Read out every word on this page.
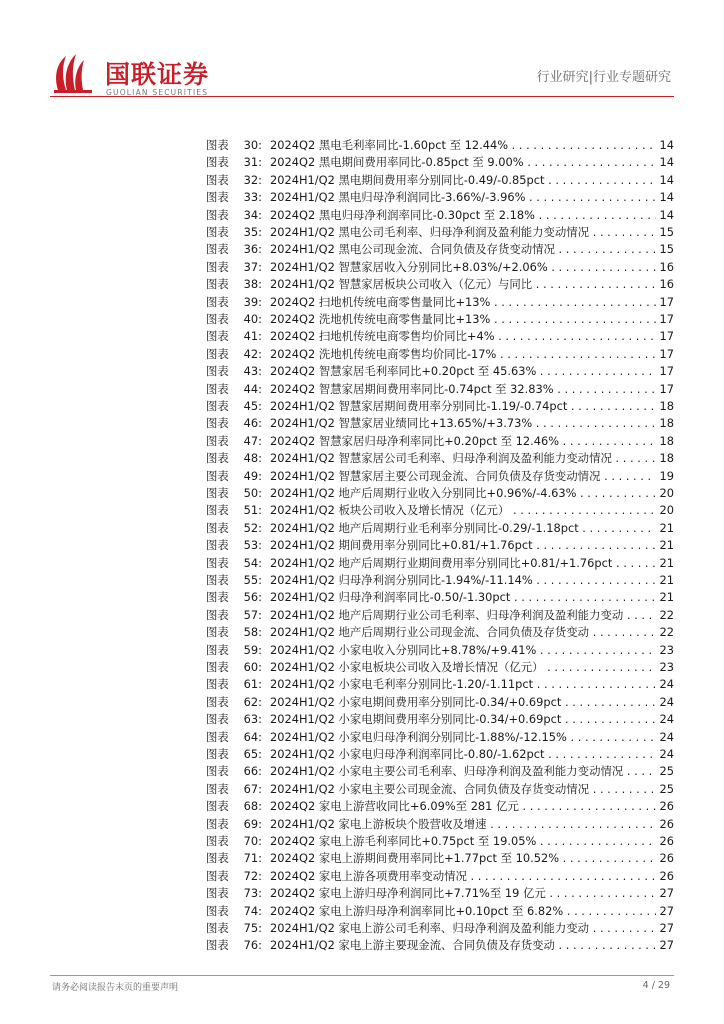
国联证券
GUOLIAN SECURITIES
行业研究|行业专题研究
图表	30: 2024Q2 黑电毛利率同比-1.60pct 至 12.44% . . .	14
图表	31: 2024Q2 黑电期间费用率同比-0.85pct 至 9.00% . . .	14
图表	32: 2024H1/Q2 黑电期间费用率分别同比-0.49/-0.85pct . . .	14
图表	33: 2024H1/Q2 黑电归母净利润同比-3.66%/-3.96% . . .	14
图表	34: 2024Q2 黑电归母净利润率同比-0.30pct 至 2.18% . . .	14
图表	35: 2024H1/Q2 黑电公司毛利率、归母净利润及盈利能力变动情况 . . .	15
图表	36: 2024H1/Q2 黑电公司现金流、合同负债及存货变动情况 . . .	15
图表	37: 2024H1/Q2 智慧家居收入分别同比+8.03%/+2.06% . . .	16
图表	38: 2024H1/Q2 智慧家居板块公司收入（亿元）与同比 . . .	16
图表	39: 2024Q2 扫地机传统电商零售量同比+13% . . .	17
图表	40: 2024Q2 洗地机传统电商零售量同比+13% . . .	17
图表	41: 2024Q2 扫地机传统电商零售均价同比+4% . . .	17
图表	42: 2024Q2 洗地机传统电商零售均价同比-17% . . .	17
图表	43: 2024Q2 智慧家居毛利率同比+0.20pct 至 45.63% . . .	17
图表	44: 2024Q2 智慧家居期间费用率同比-0.74pct 至 32.83% . . .	17
图表	45: 2024H1/Q2 智慧家居期间费用率分别同比-1.19/-0.74pct . . .	18
图表	46: 2024H1/Q2 智慧家居业绩同比+13.65%/+3.73% . . .	18
图表	47: 2024Q2 智慧家居归母净利率同比+0.20pct 至 12.46% . . .	18
图表	48: 2024H1/Q2 智慧家居公司毛利率、归母净利润及盈利能力变动情况 . . .	18
图表	49: 2024H1/Q2 智慧家居主要公司现金流、合同负债及存货变动情况 . . .	19
图表	50: 2024H1/Q2 地产后周期行业收入分别同比+0.96%/-4.63% . . .	20
图表	51: 2024H1/Q2 板块公司收入及增长情况（亿元） . . .	20
图表	52: 2024H1/Q2 地产后周期行业毛利率分别同比-0.29/-1.18pct . . .	21
图表	53: 2024H1/Q2 期间费用率分别同比+0.81/+1.76pct . . .	21
图表	54: 2024H1/Q2 地产后周期行业期间费用率分别同比+0.81/+1.76pct . . .	21
图表	55: 2024H1/Q2 归母净利润分别同比-1.94%/-11.14% . . .	21
图表	56: 2024H1/Q2 归母净利润率同比-0.50/-1.30pct . . .	21
图表	57: 2024H1/Q2 地产后周期行业公司毛利率、归母净利润及盈利能力变动 . . .	22
图表	58: 2024H1/Q2 地产后周期行业公司现金流、合同负债及存货变动 . . .	22
图表	59: 2024H1/Q2 小家电收入分别同比+8.78%/+9.41% . . .	23
图表	60: 2024H1/Q2 小家电板块公司收入及增长情况（亿元） . . .	23
图表	61: 2024H1/Q2 小家电毛利率分别同比-1.20/-1.11pct . . .	24
图表	62: 2024H1/Q2 小家电期间费用率分别同比-0.34/+0.69pct . . .	24
图表	63: 2024H1/Q2 小家电期间费用率分别同比-0.34/+0.69pct . . .	24
图表	64: 2024H1/Q2 小家电归母净利润分别同比-1.88%/-12.15% . . .	24
图表	65: 2024H1/Q2 小家电归母净利润率同比-0.80/-1.62pct . . .	24
图表	66: 2024H1/Q2 小家电主要公司毛利率、归母净利润及盈利能力变动情况 . . .	25
图表	67: 2024H1/Q2 小家电主要公司现金流、合同负债及存货变动情况 . . .	25
图表	68: 2024Q2 家电上游营收同比+6.09%至 281 亿元 . . .	26
图表	69: 2024H1/Q2 家电上游板块个股营收及增速 . . .	26
图表	70: 2024Q2 家电上游毛利率同比+0.75pct 至 19.05% . . .	26
图表	71: 2024Q2 家电上游期间费用率同比+1.77pct 至 10.52% . . .	26
图表	72: 2024Q2 家电上游各项费用率变动情况 . . .	26
图表	73: 2024Q2 家电上游归母净利润同比+7.71%至 19 亿元 . . .	27
图表	74: 2024Q2 家电上游归母净利润率同比+0.10pct 至 6.82% . . .	27
图表	75: 2024H1/Q2 家电上游公司毛利率、归母净利润及盈利能力变动 . . .	27
图表	76: 2024H1/Q2 家电上游主要现金流、合同负债及存货变动 . . .	27
请务必阅读报告末页的重要声明	4 / 29
